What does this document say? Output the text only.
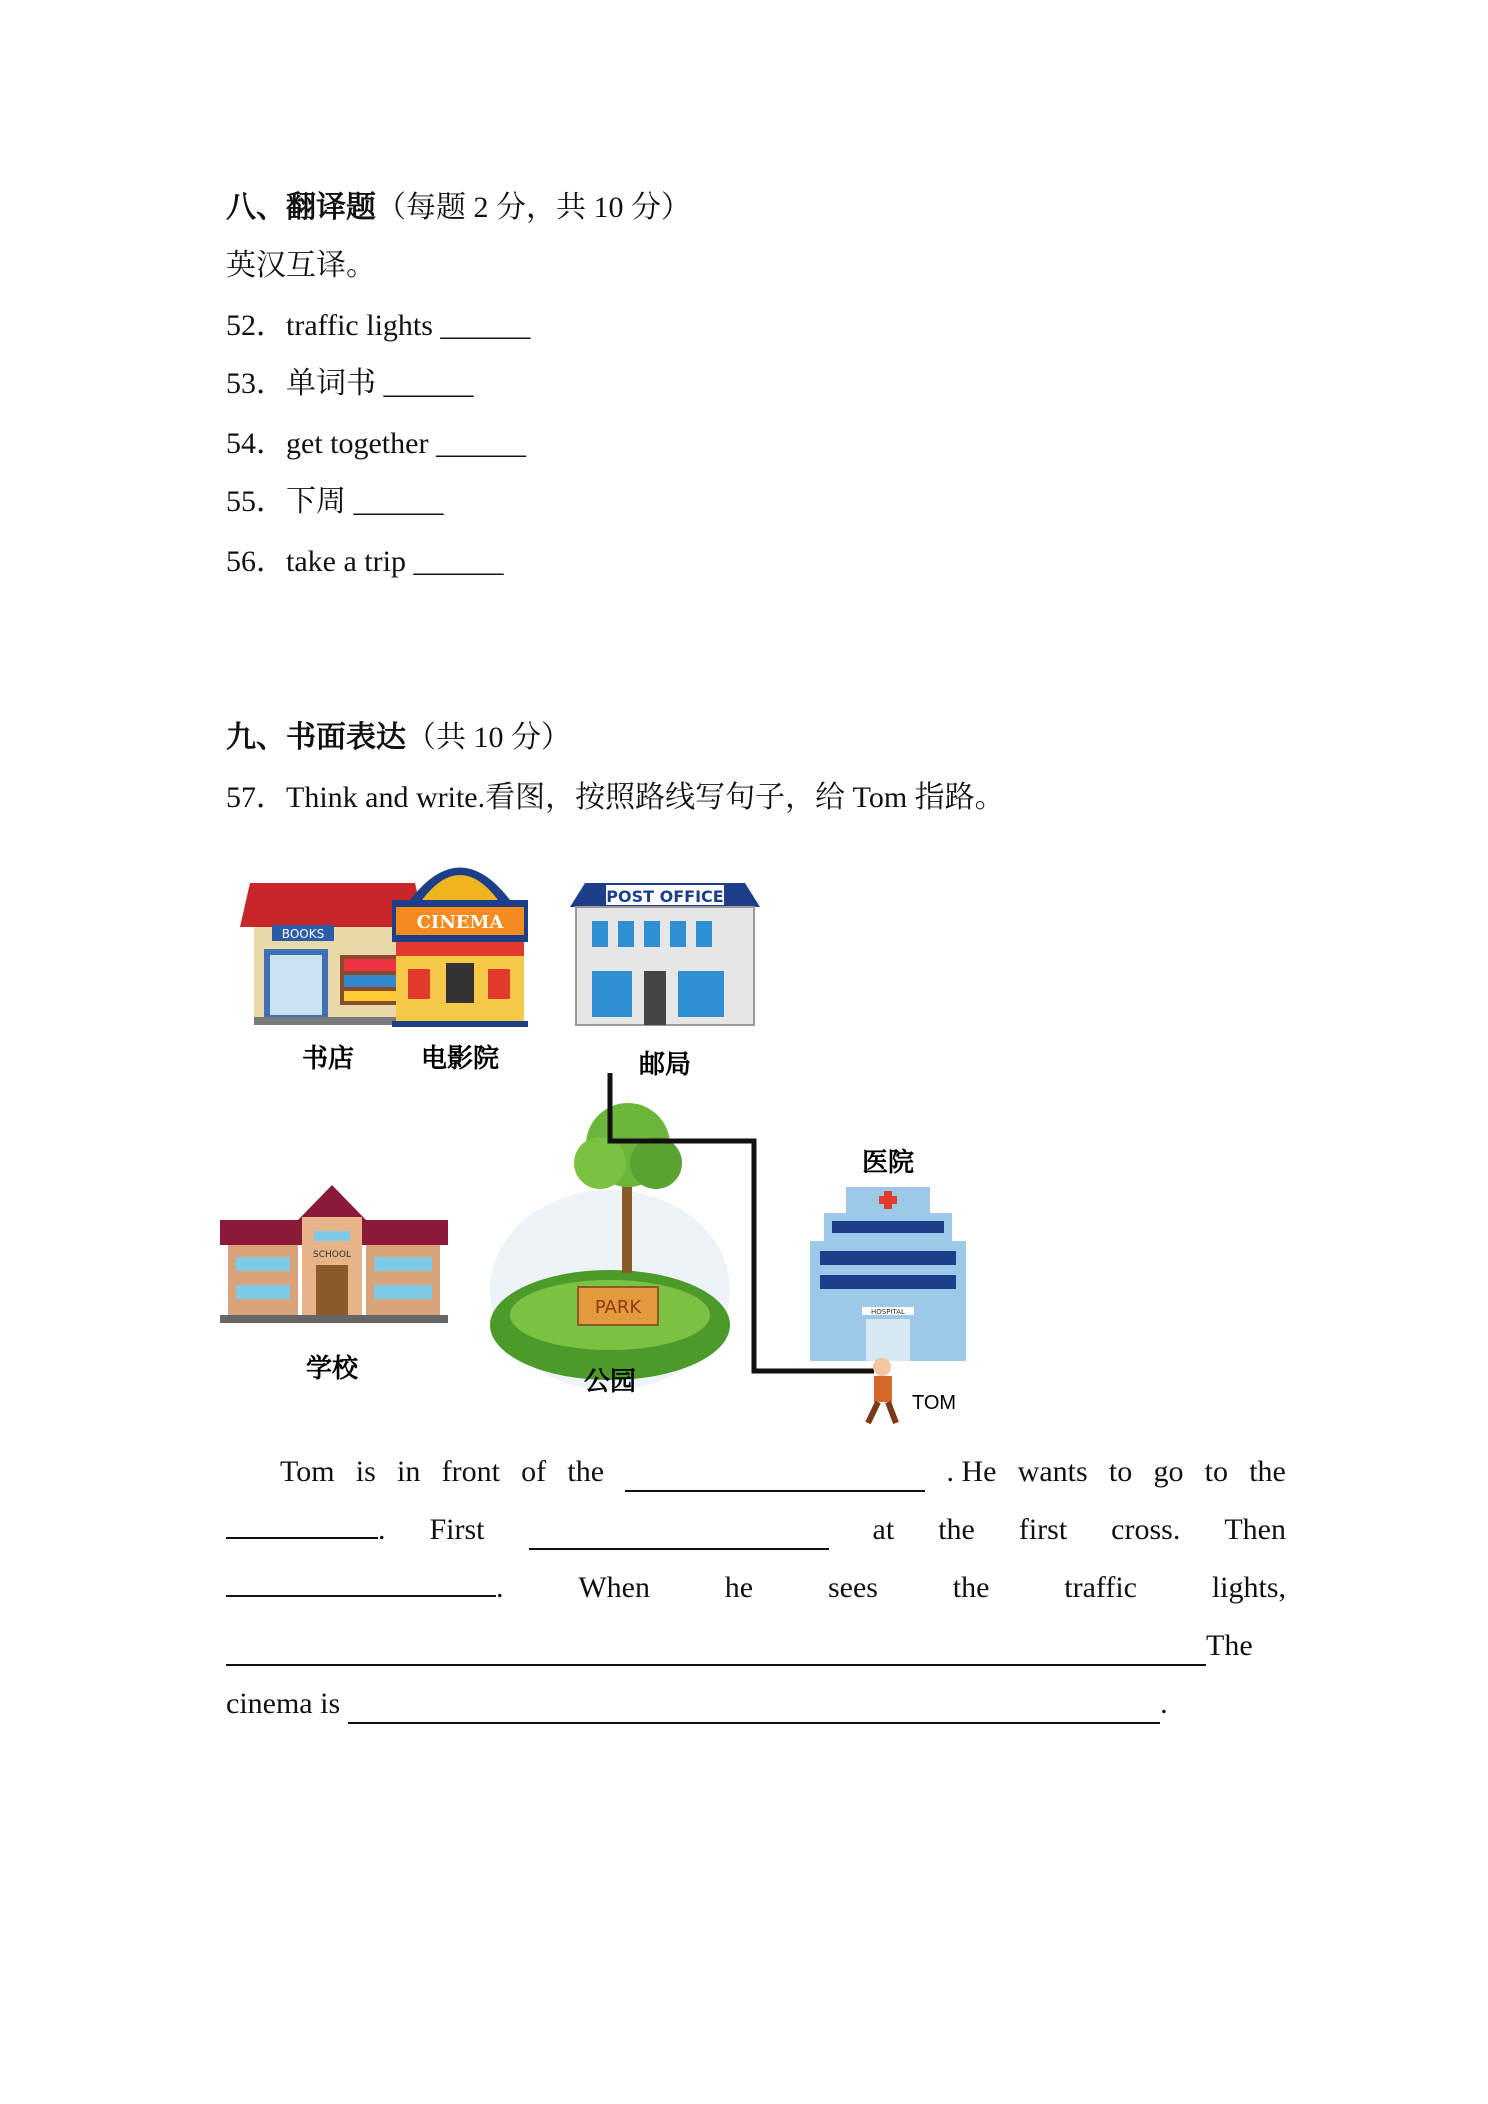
八、翻译题（每题 2 分，共 10 分）
英汉互译。
52．traffic lights ______
53．单词书 ______
54．get together ______
55．下周 ______
56．take a trip ______
九、书面表达（共 10 分）
57．Think and write.看图，按照路线写句子，给 Tom 指路。
BOOKS
书店
CINEMA
电影院
POST OFFICE
邮局
SCHOOL
学校
PARK
公园
医院
HOSPITAL
TOM
Tom is in front of the	. He wants to go to the
. First	at the first cross. Then
. When he sees the traffic lights,
The
cinema is	.
